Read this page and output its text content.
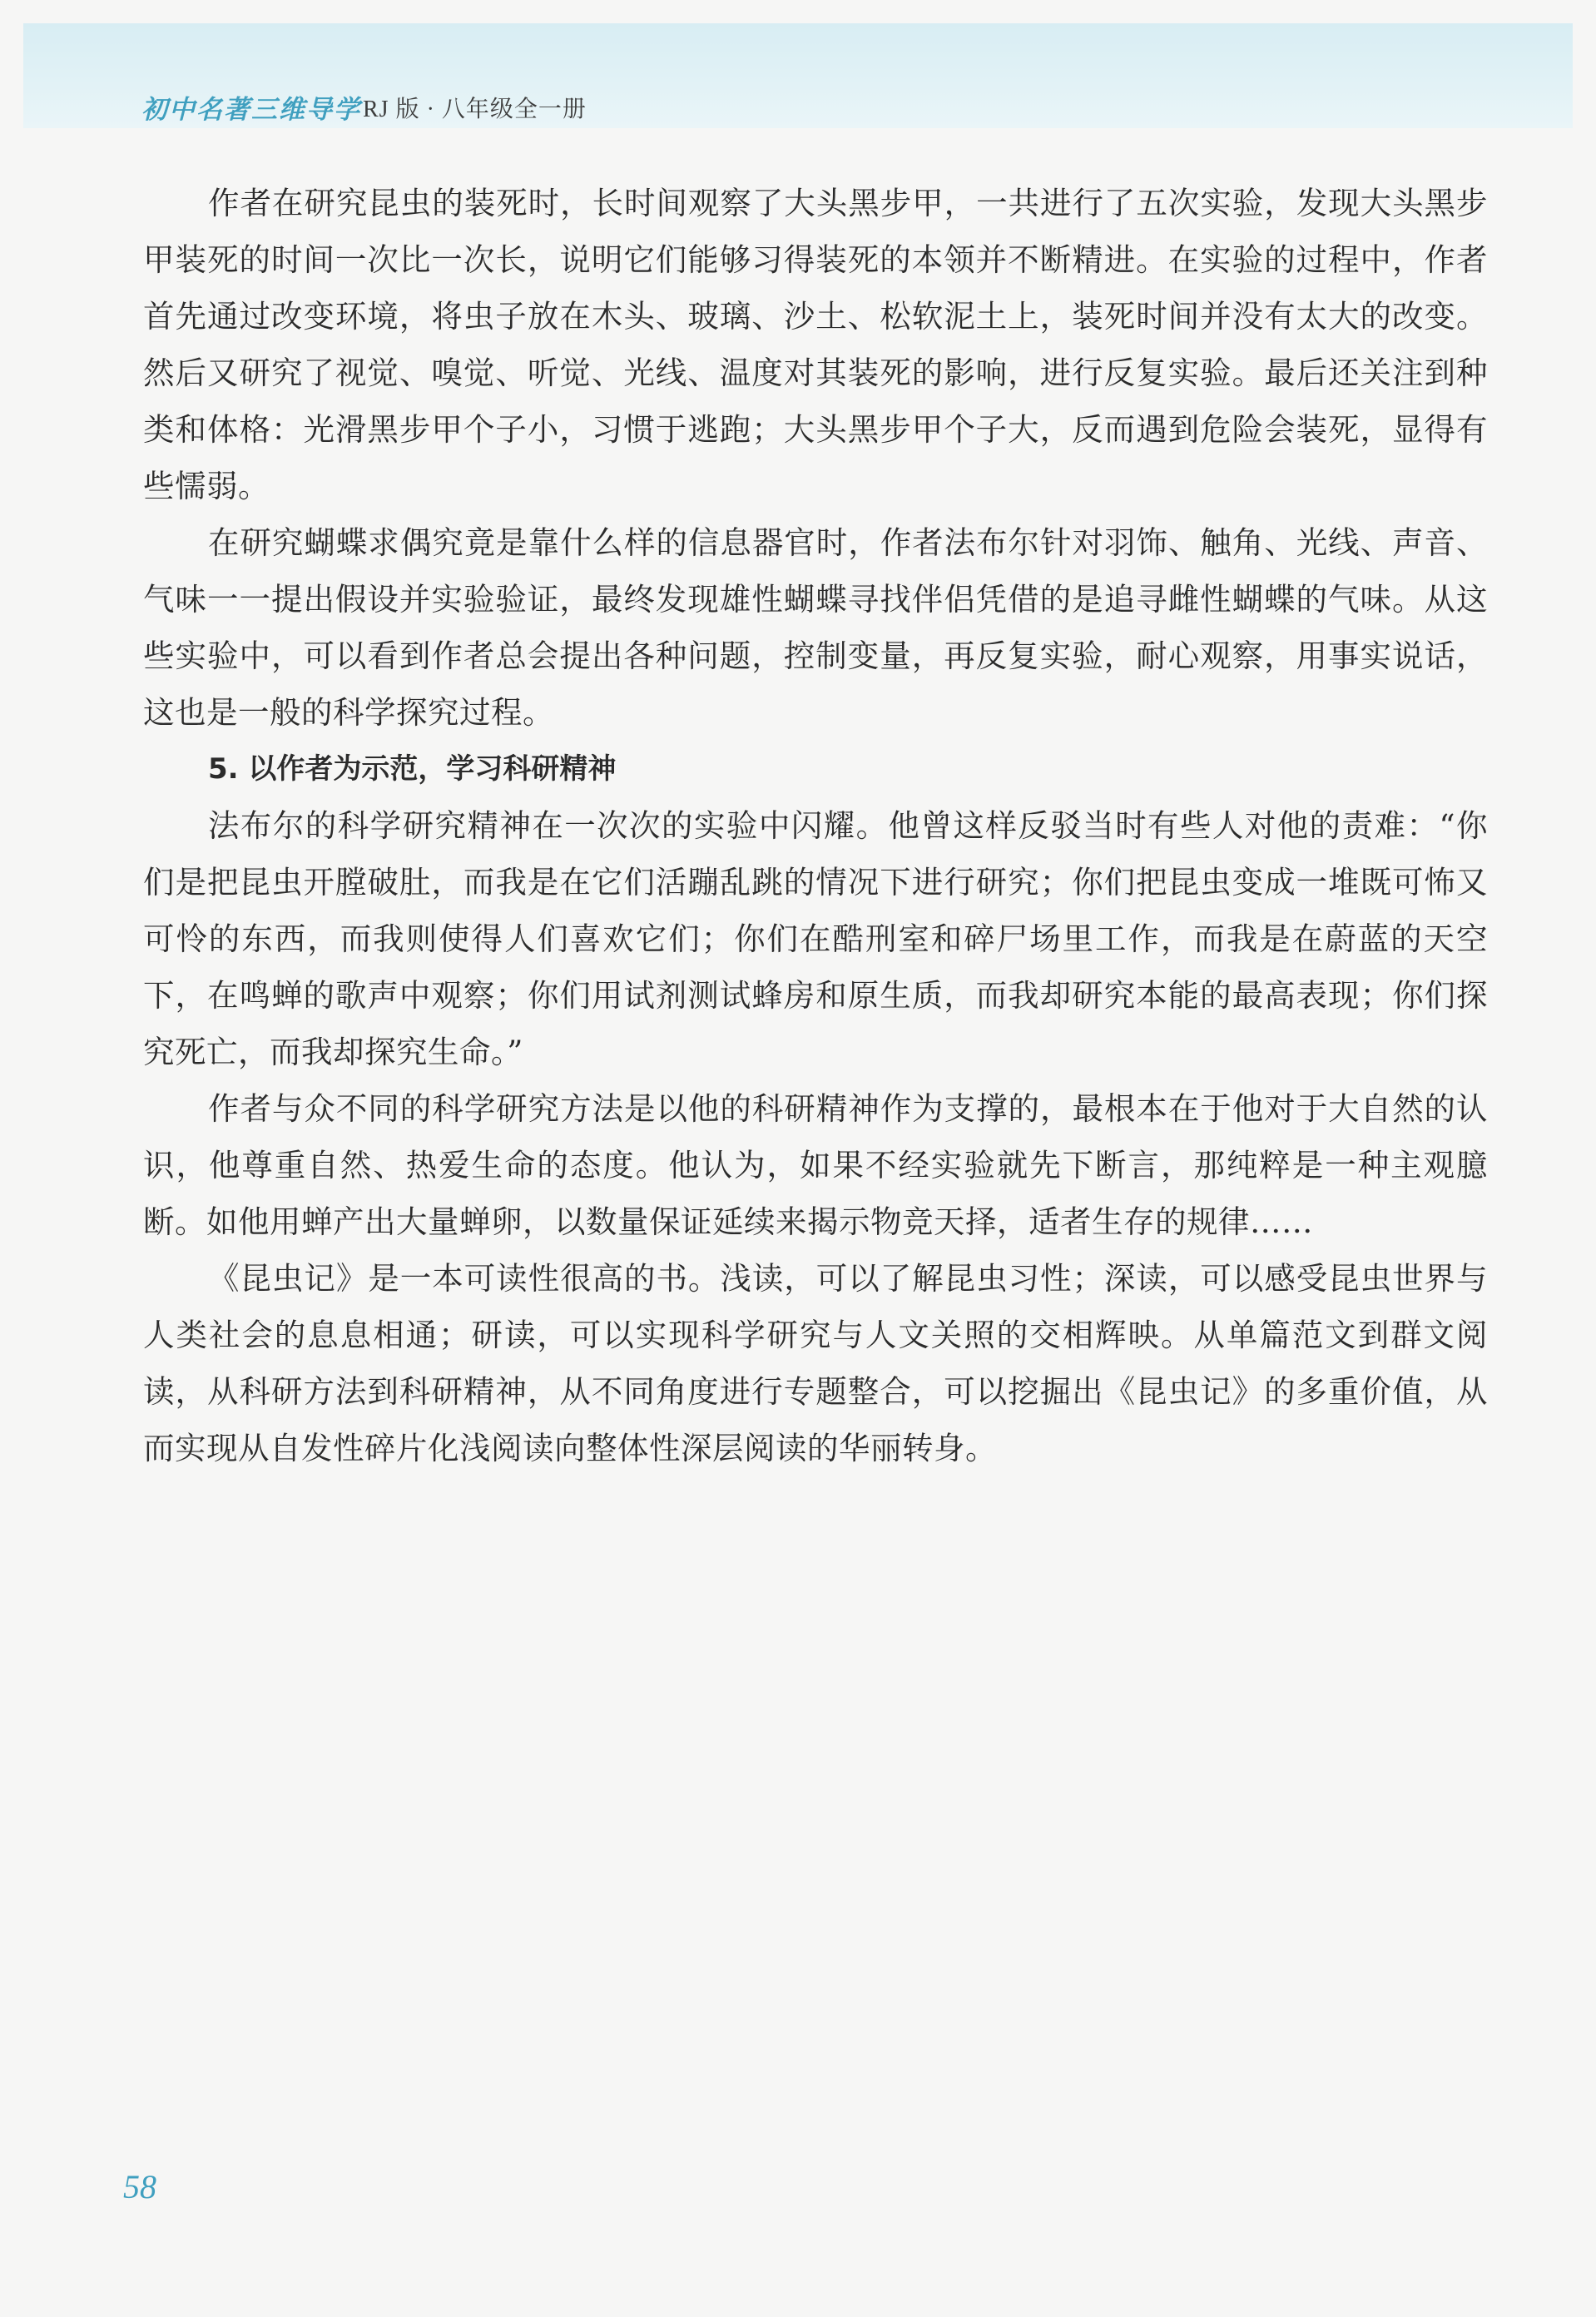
初中名著三维导学 RJ 版 · 八年级全一册

作者在研究昆虫的装死时，长时间观察了大头黑步甲，一共进行了五次实验，发现大头黑步甲装死的时间一次比一次长，说明它们能够习得装死的本领并不断精进。在实验的过程中，作者首先通过改变环境，将虫子放在木头、玻璃、沙土、松软泥土上，装死时间并没有太大的改变。然后又研究了视觉、嗅觉、听觉、光线、温度对其装死的影响，进行反复实验。最后还关注到种类和体格：光滑黑步甲个子小，习惯于逃跑；大头黑步甲个子大，反而遇到危险会装死，显得有些懦弱。

在研究蝴蝶求偶究竟是靠什么样的信息器官时，作者法布尔针对羽饰、触角、光线、声音、气味一一提出假设并实验验证，最终发现雄性蝴蝶寻找伴侣凭借的是追寻雌性蝴蝶的气味。从这些实验中，可以看到作者总会提出各种问题，控制变量，再反复实验，耐心观察，用事实说话，这也是一般的科学探究过程。

5. 以作者为示范，学习科研精神

法布尔的科学研究精神在一次次的实验中闪耀。他曾这样反驳当时有些人对他的责难：“你们是把昆虫开膛破肚，而我是在它们活蹦乱跳的情况下进行研究；你们把昆虫变成一堆既可怖又可怜的东西，而我则使得人们喜欢它们；你们在酷刑室和碎尸场里工作，而我是在蔚蓝的天空下，在鸣蝉的歌声中观察；你们用试剂测试蜂房和原生质，而我却研究本能的最高表现；你们探究死亡，而我却探究生命。”

作者与众不同的科学研究方法是以他的科研精神作为支撑的，最根本在于他对于大自然的认识，他尊重自然、热爱生命的态度。他认为，如果不经实验就先下断言，那纯粹是一种主观臆断。如他用蝉产出大量蝉卵，以数量保证延续来揭示物竞天择，适者生存的规律……

《昆虫记》是一本可读性很高的书。浅读，可以了解昆虫习性；深读，可以感受昆虫世界与人类社会的息息相通；研读，可以实现科学研究与人文关照的交相辉映。从单篇范文到群文阅读，从科研方法到科研精神，从不同角度进行专题整合，可以挖掘出《昆虫记》的多重价值，从而实现从自发性碎片化浅阅读向整体性深层阅读的华丽转身。

58
